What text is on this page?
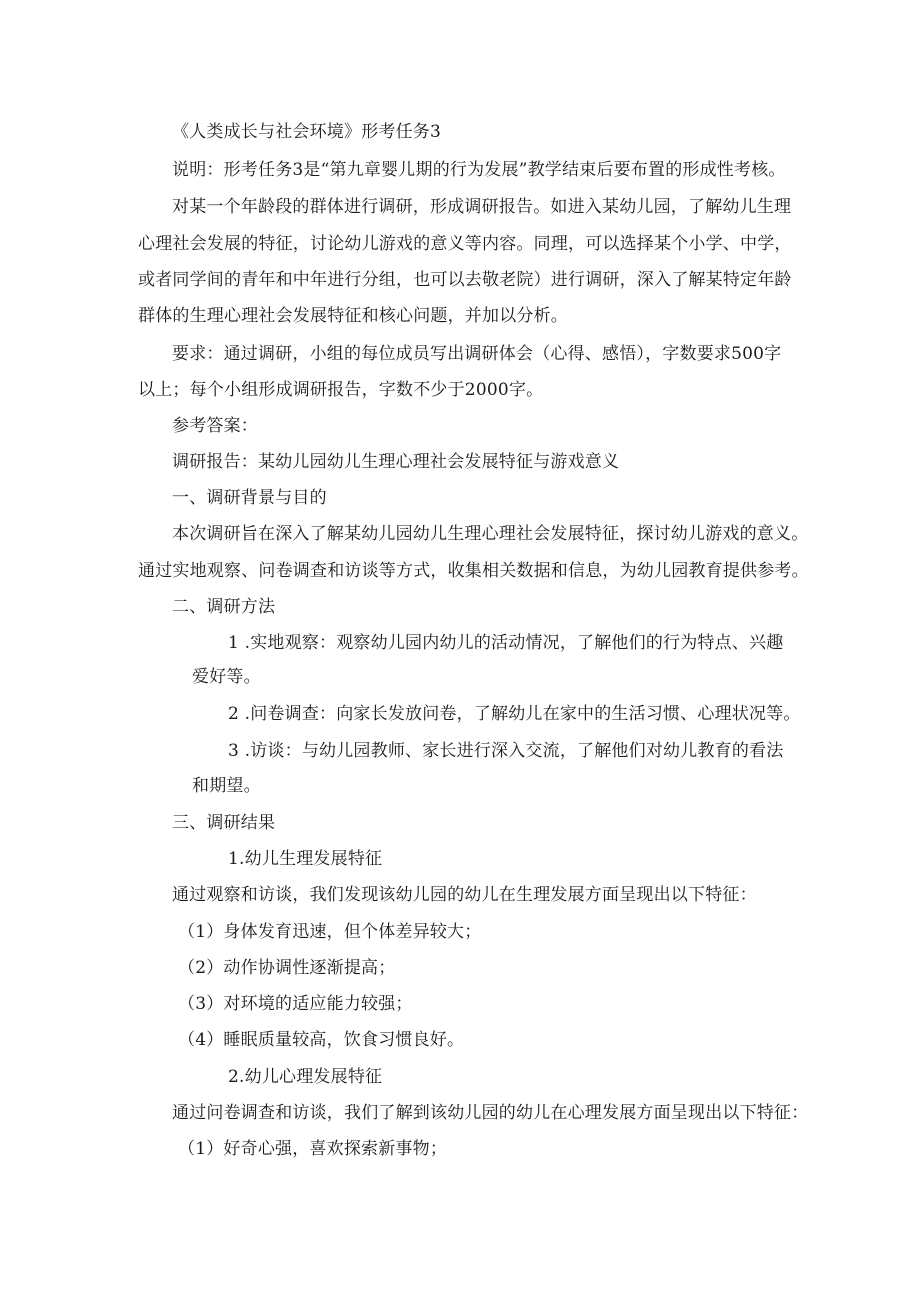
《人类成长与社会环境》形考任务3
说明：形考任务3是“第九章婴儿期的行为发展”教学结束后要布置的形成性考核。
对某一个年龄段的群体进行调研，形成调研报告。如进入某幼儿园，了解幼儿生理
心理社会发展的特征，讨论幼儿游戏的意义等内容。同理，可以选择某个小学、中学，
或者同学间的青年和中年进行分组，也可以去敬老院）进行调研，深入了解某特定年龄
群体的生理心理社会发展特征和核心问题，并加以分析。
要求：通过调研，小组的每位成员写出调研体会（心得、感悟），字数要求500字
以上；每个小组形成调研报告，字数不少于2000字。
参考答案：
调研报告：某幼儿园幼儿生理心理社会发展特征与游戏意义
一、调研背景与目的
本次调研旨在深入了解某幼儿园幼儿生理心理社会发展特征，探讨幼儿游戏的意义。
通过实地观察、问卷调查和访谈等方式，收集相关数据和信息，为幼儿园教育提供参考。
二、调研方法
1 .实地观察：观察幼儿园内幼儿的活动情况，了解他们的行为特点、兴趣
爱好等。
2 .问卷调查：向家长发放问卷，了解幼儿在家中的生活习惯、心理状况等。
3 .访谈：与幼儿园教师、家长进行深入交流，了解他们对幼儿教育的看法
和期望。
三、调研结果
1.幼儿生理发展特征
通过观察和访谈，我们发现该幼儿园的幼儿在生理发展方面呈现出以下特征：
（1）身体发育迅速，但个体差异较大；
（2）动作协调性逐渐提高；
（3）对环境的适应能力较强；
（4）睡眠质量较高，饮食习惯良好。
2.幼儿心理发展特征
通过问卷调查和访谈，我们了解到该幼儿园的幼儿在心理发展方面呈现出以下特征：
（1）好奇心强，喜欢探索新事物；
